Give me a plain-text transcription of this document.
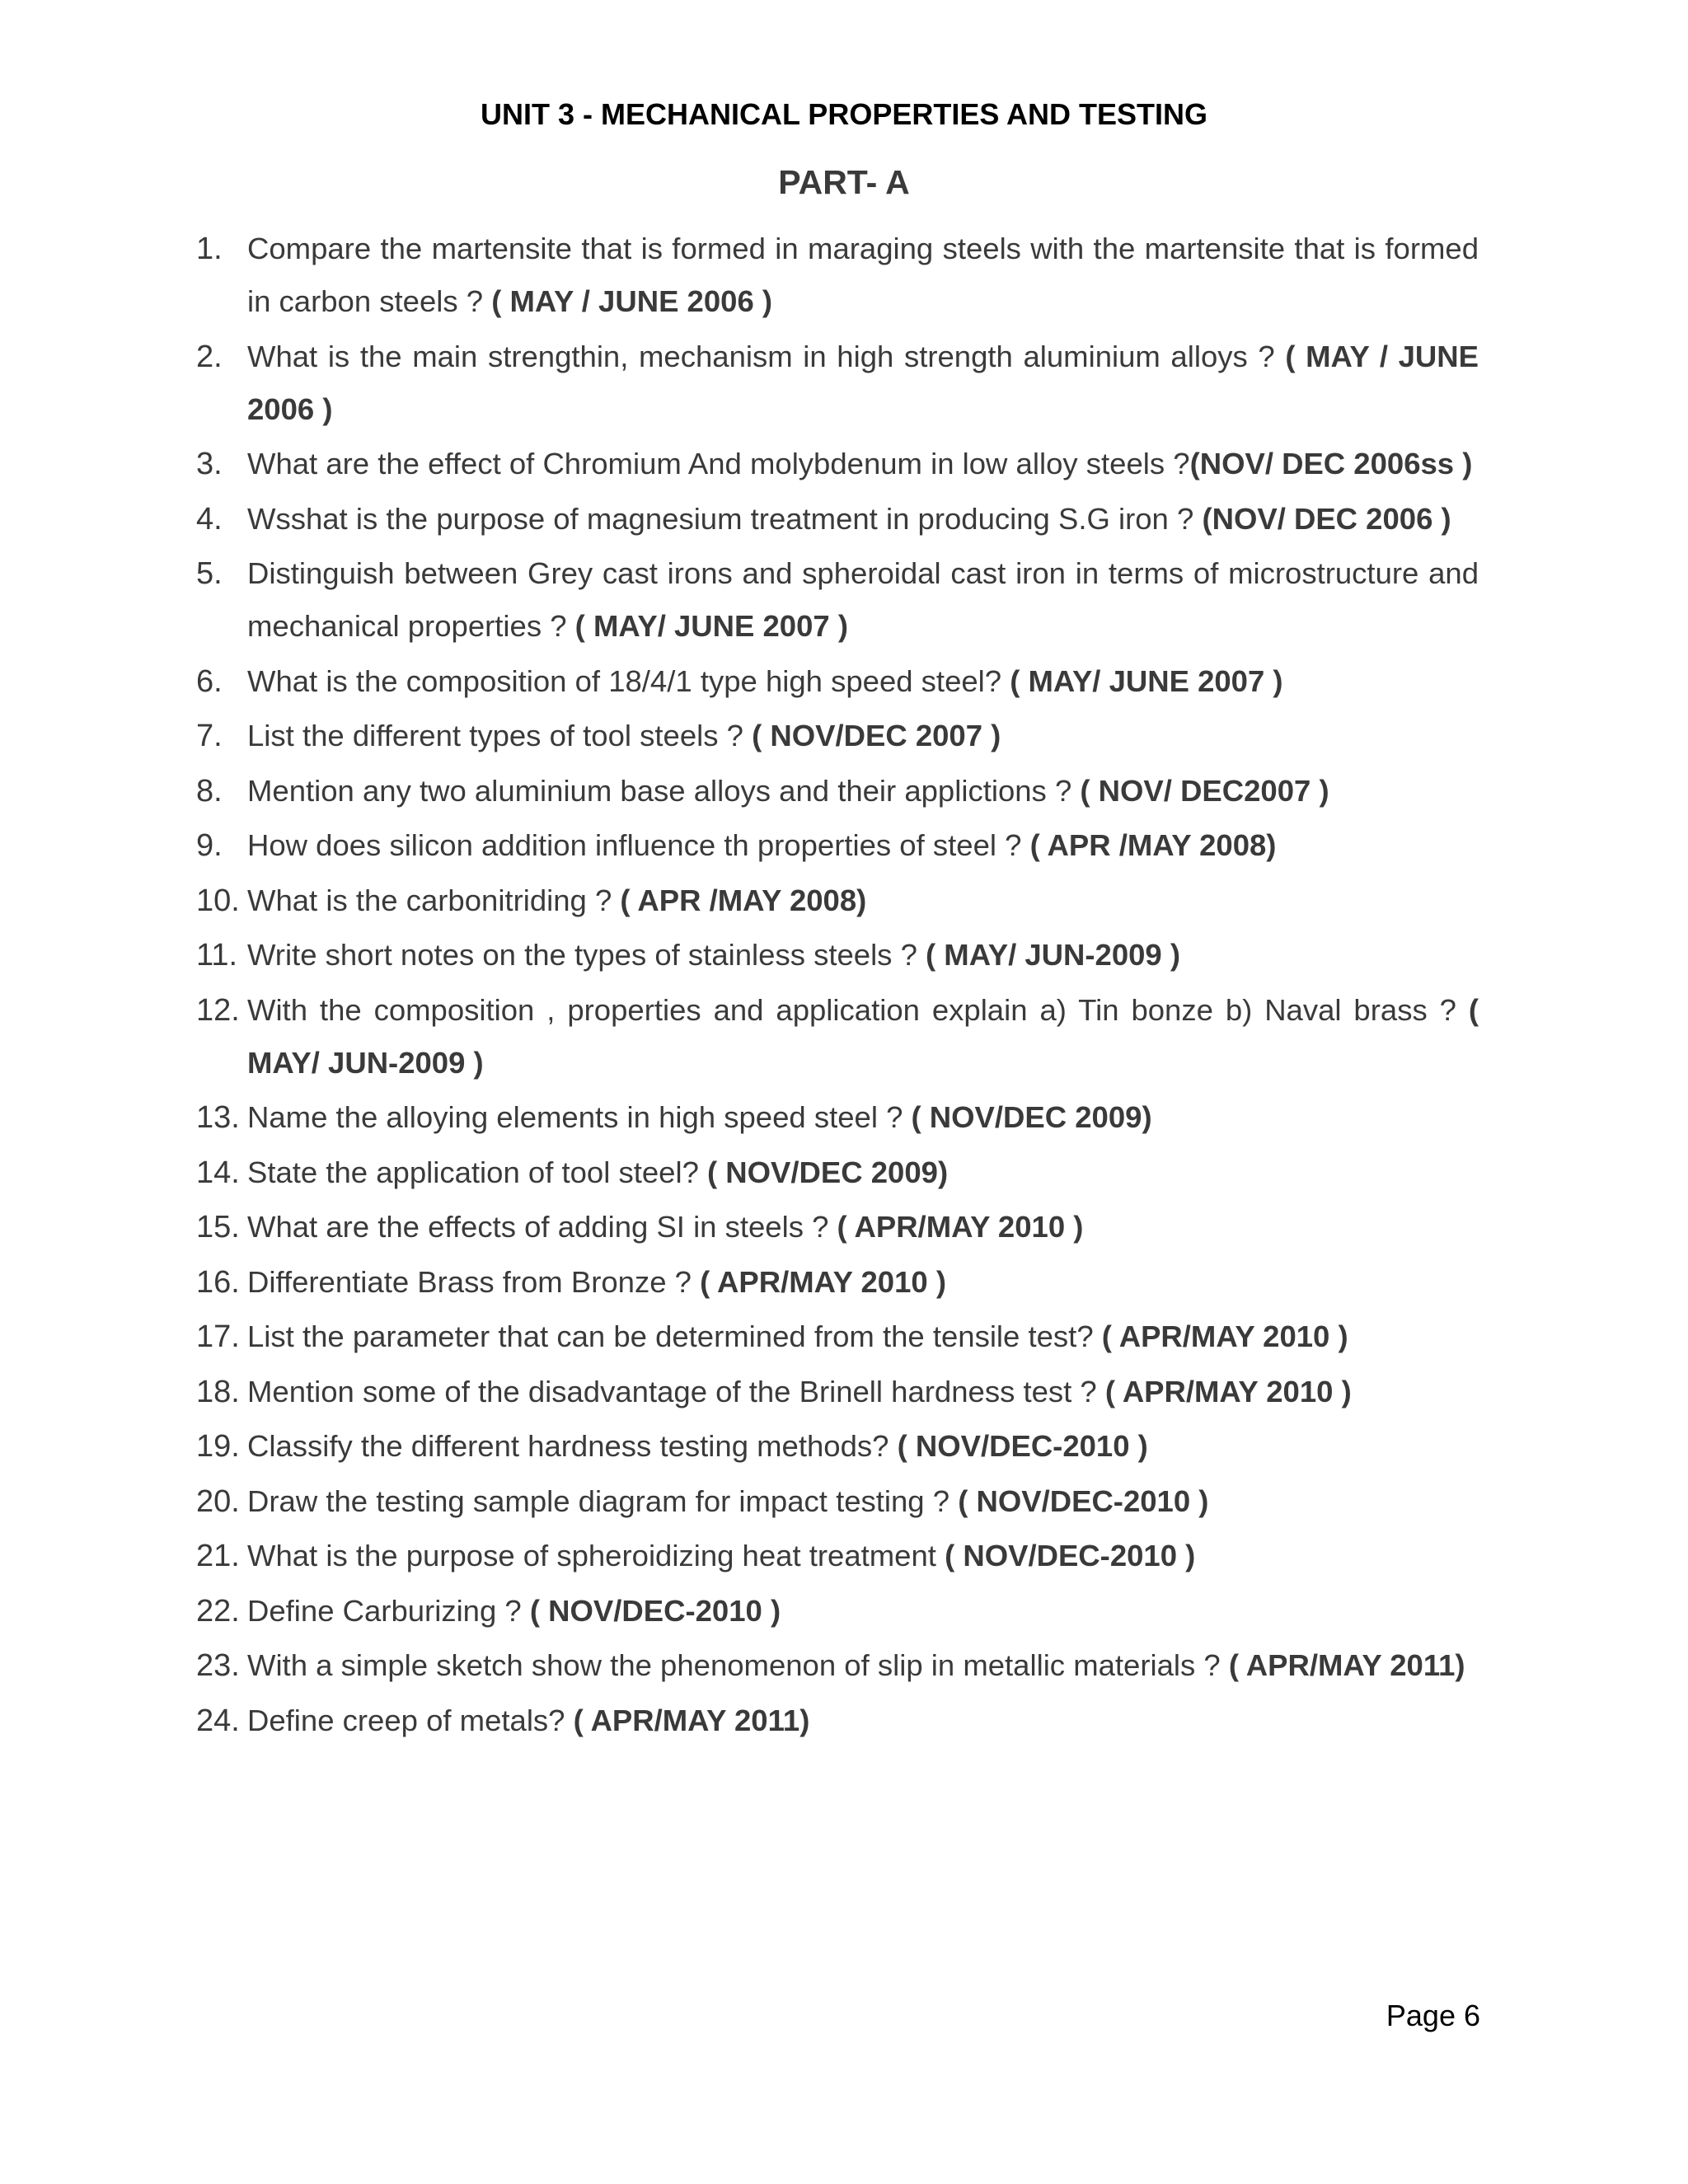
UNIT 3 - MECHANICAL PROPERTIES AND TESTING
PART- A
1. Compare the martensite that is formed in maraging steels with the martensite that is formed in carbon steels ? ( MAY / JUNE 2006 )
2. What is the main strengthin, mechanism in high strength aluminium alloys ? ( MAY / JUNE 2006 )
3. What are the effect of Chromium And molybdenum in low alloy steels ?(NOV/ DEC 2006ss )
4. Wsshat is the purpose of magnesium treatment in producing S.G iron ? (NOV/ DEC 2006 )
5. Distinguish between Grey cast irons and spheroidal cast iron in terms of microstructure and mechanical properties ? ( MAY/ JUNE 2007 )
6. What is the composition of 18/4/1 type high speed steel? ( MAY/ JUNE 2007 )
7. List the different types of tool steels ? ( NOV/DEC 2007 )
8. Mention any two aluminium base alloys and their applictions ? ( NOV/ DEC2007 )
9. How does silicon addition influence th properties of steel ? ( APR /MAY 2008)
10. What is the carbonitriding ? ( APR /MAY 2008)
11. Write short notes on the types of stainless steels ? ( MAY/ JUN-2009 )
12. With the composition , properties and application explain a) Tin bonze b) Naval brass ? ( MAY/ JUN-2009 )
13. Name the alloying elements in high speed steel ? ( NOV/DEC 2009)
14. State the application of tool steel? ( NOV/DEC 2009)
15. What are the effects of adding SI in steels ? ( APR/MAY 2010 )
16. Differentiate Brass from Bronze ? ( APR/MAY 2010 )
17. List the parameter that can be determined from the tensile test? ( APR/MAY 2010 )
18. Mention some of the disadvantage of the Brinell hardness test ? ( APR/MAY 2010 )
19. Classify the different hardness testing methods? ( NOV/DEC-2010 )
20. Draw the testing sample diagram for impact testing ? ( NOV/DEC-2010 )
21. What is the purpose of spheroidizing heat treatment ( NOV/DEC-2010 )
22. Define Carburizing ? ( NOV/DEC-2010 )
23. With a simple sketch show the phenomenon of slip in metallic materials ? ( APR/MAY 2011)
24. Define creep of metals? ( APR/MAY 2011)
Page 6
